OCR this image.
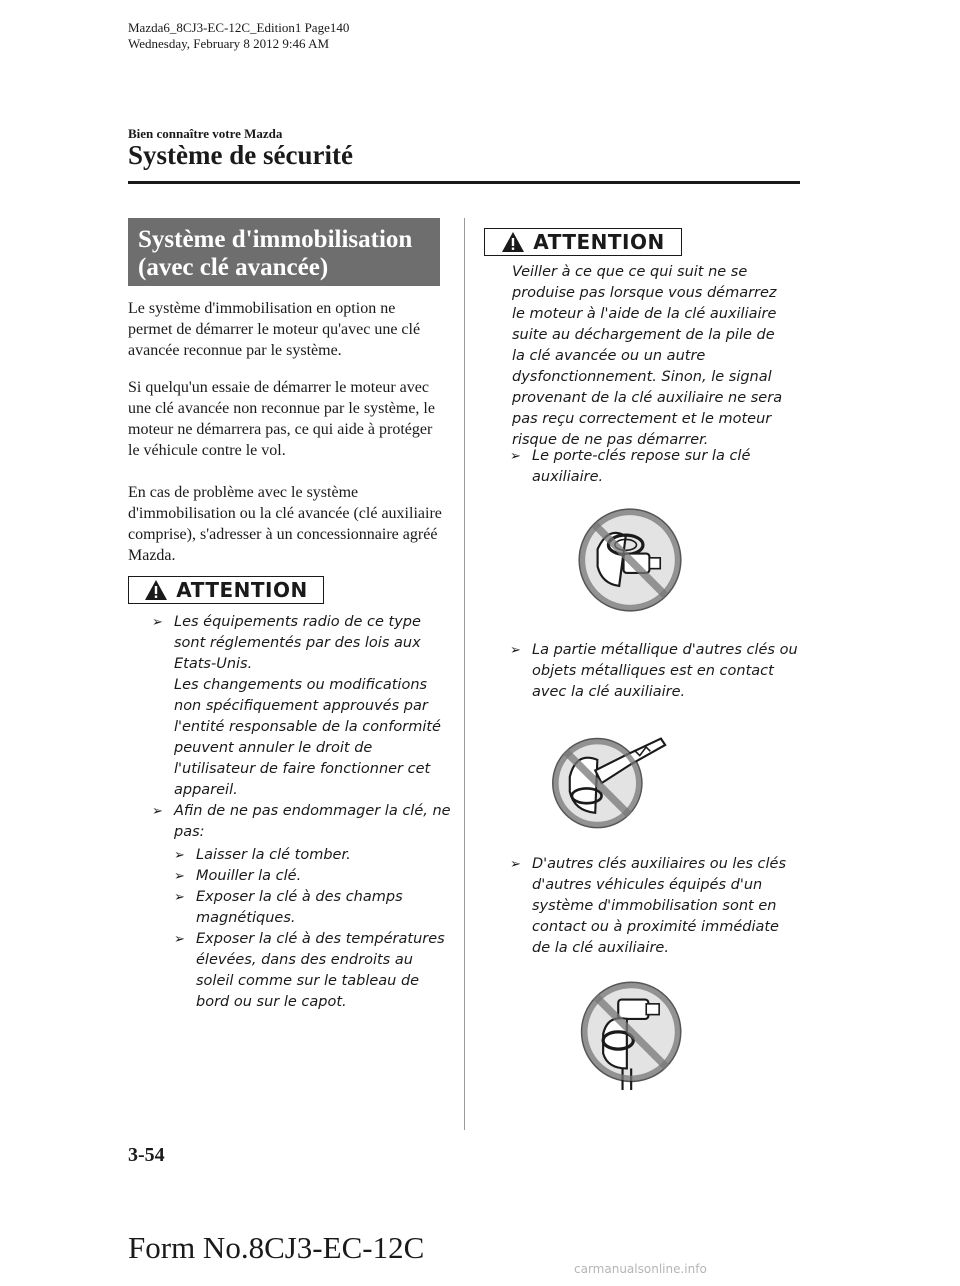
Mazda6_8CJ3-EC-12C_Edition1 Page140
Wednesday, February 8 2012 9:46 AM
Bien connaître votre Mazda
Système de sécurité
Système d'immobilisation
(avec clé avancée)

Le système d'immobilisation en option ne permet de démarrer le moteur qu'avec une clé avancée reconnue par le système.

Si quelqu'un essaie de démarrer le moteur avec une clé avancée non reconnue par le système, le moteur ne démarrera pas, ce qui aide à protéger le véhicule contre le vol.

En cas de problème avec le système d'immobilisation ou la clé avancée (clé auxiliaire comprise), s'adresser à un concessionnaire agréé Mazda.

ATTENTION
➢ Les équipements radio de ce type sont réglementés par des lois aux Etats-Unis.
Les changements ou modifications non spécifiquement approuvés par l'entité responsable de la conformité peuvent annuler le droit de l'utilisateur de faire fonctionner cet appareil.
➢ Afin de ne pas endommager la clé, ne pas:
➢ Laisser la clé tomber.
➢ Mouiller la clé.
➢ Exposer la clé à des champs magnétiques.
➢ Exposer la clé à des températures élevées, dans des endroits au soleil comme sur le tableau de bord ou sur le capot.
ATTENTION

Veiller à ce que ce qui suit ne se produise pas lorsque vous démarrez le moteur à l'aide de la clé auxiliaire suite au déchargement de la pile de la clé avancée ou un autre dysfonctionnement. Sinon, le signal provenant de la clé auxiliaire ne sera pas reçu correctement et le moteur risque de ne pas démarrer.

➢ Le porte-clés repose sur la clé auxiliaire.
➢ La partie métallique d'autres clés ou objets métalliques est en contact avec la clé auxiliaire.
➢ D'autres clés auxiliaires ou les clés d'autres véhicules équipés d'un système d'immobilisation sont en contact ou à proximité immédiate de la clé auxiliaire.
3-54
Form No.8CJ3-EC-12C
carmanualsonline.info
